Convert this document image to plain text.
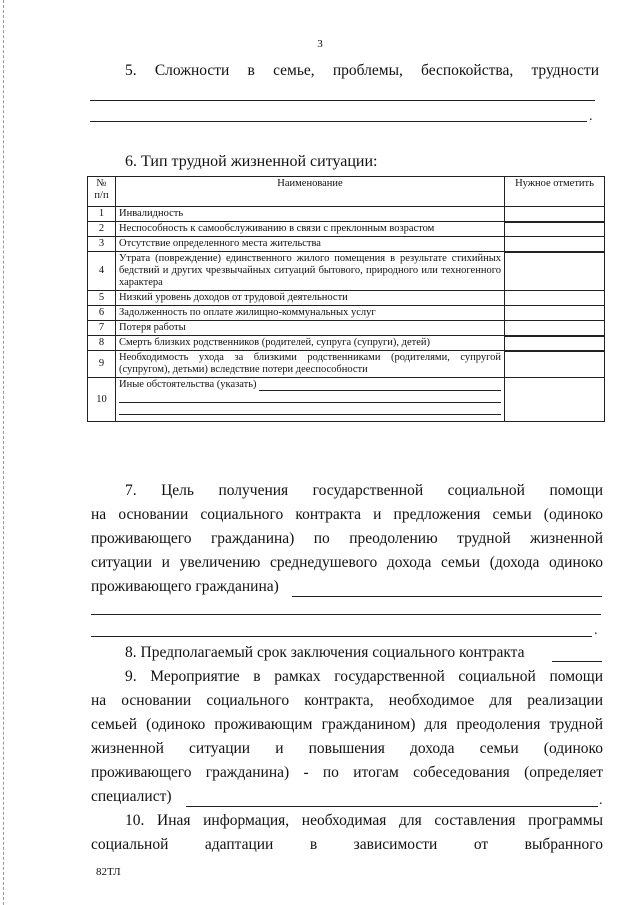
3
5. Сложности в семье, проблемы, беспокойства, трудности
.
6. Тип трудной жизненной ситуации:
№ п/п	Наименование	Нужное отметить
1	Инвалидность	
2	Неспособность к самообслуживанию в связи с преклонным возрастом	

3	Отсутствие определенного места жительства	
4	Утрата (повреждение) единственного жилого помещения в результате стихийных бедствий и других чрезвычайных ситуаций бытового, природного или техногенного характера	

5	Низкий уровень доходов от трудовой деятельности	
6	Задолженность по оплате жилищно-коммунальных услуг	
7	Потеря работы	
8	Смерть близких родственников (родителей, супруга (супруги), детей)	

9	Необходимость ухода за близкими родственниками (родителями, супругой (супругом), детьми) вследствие потери дееспособности	

10	Иные обстоятельства (указать)	

7. Цель получения государственной социальной помощи
на основании социального контракта и предложения семьи (одиноко
проживающего гражданина) по преодолению трудной жизненной
ситуации и увеличению среднедушевого дохода семьи (дохода одиноко
проживающего гражданина)
.
8. Предполагаемый срок заключения социального контракта
9. Мероприятие в рамках государственной социальной помощи
на основании социального контракта, необходимое для реализации
семьей (одиноко проживающим гражданином) для преодоления трудной
жизненной ситуации и повышения дохода семьи (одиноко
проживающего гражданина) - по итогам собеседования (определяет
специалист)	.
10. Иная информация, необходимая для составления программы
социальной адаптации в зависимости от выбранного
82ТЛ
